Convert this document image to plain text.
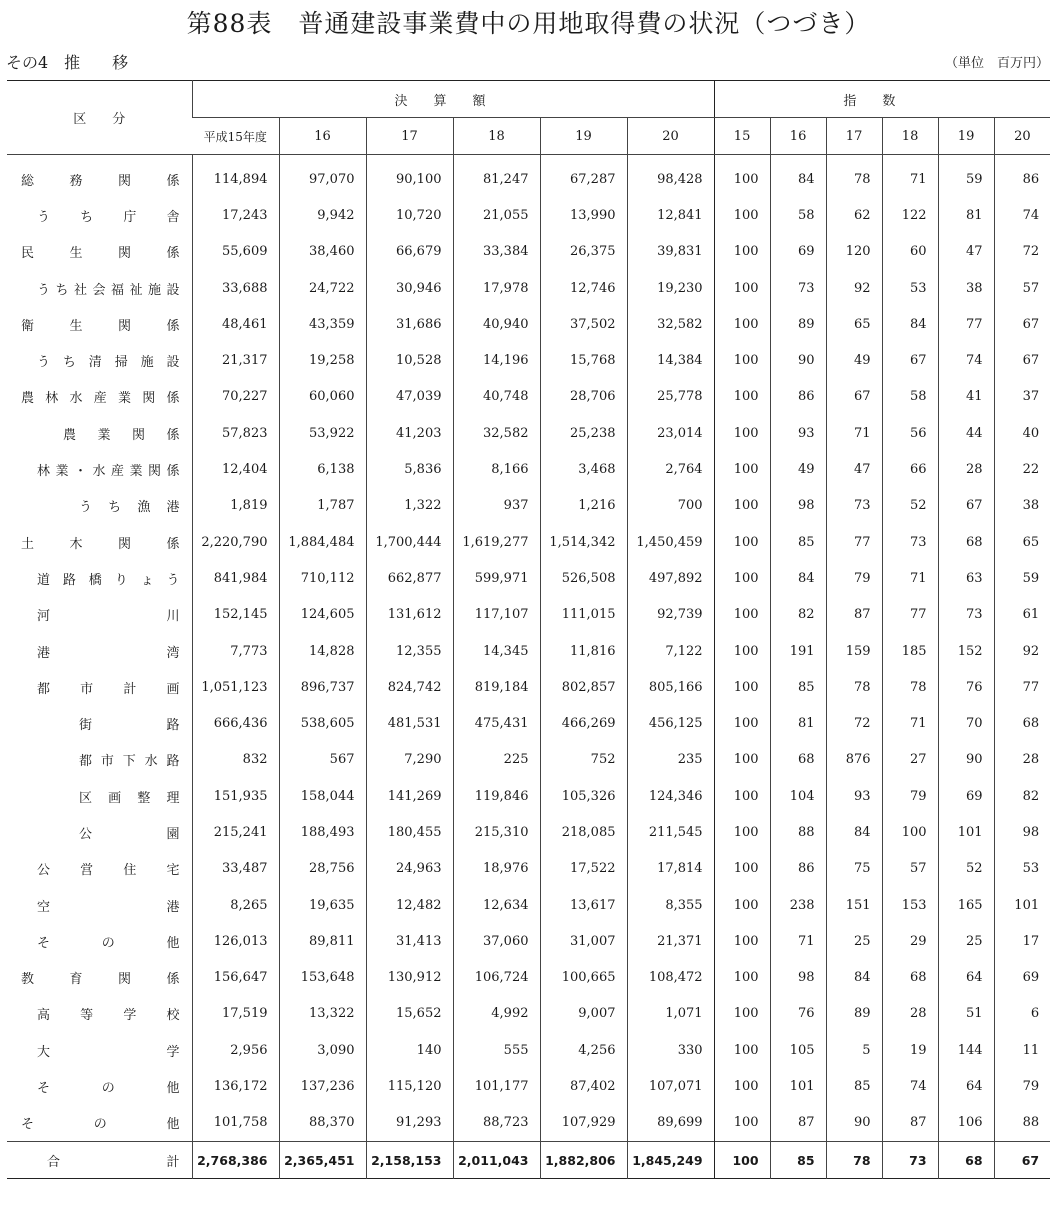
第88表　普通建設事業費中の用地取得費の状況（つづき）
その4　推　　移	（単位　百万円）
区　　分	決算額						指数					
	平成15年度	16	17	18	19	20	15	16	17	18	19	20
総務関係	114,894	97,070	90,100	81,247	67,287	98,428	100	84	78	71	59	86
うち庁舎	17,243	9,942	10,720	21,055	13,990	12,841	100	58	62	122	81	74
民生関係	55,609	38,460	66,679	33,384	26,375	39,831	100	69	120	60	47	72
うち社会福祉施設	33,688	24,722	30,946	17,978	12,746	19,230	100	73	92	53	38	57
衛生関係	48,461	43,359	31,686	40,940	37,502	32,582	100	89	65	84	77	67
うち清掃施設	21,317	19,258	10,528	14,196	15,768	14,384	100	90	49	67	74	67
農林水産業関係	70,227	60,060	47,039	40,748	28,706	25,778	100	86	67	58	41	37
農業関係	57,823	53,922	41,203	32,582	25,238	23,014	100	93	71	56	44	40
林業・水産業関係	12,404	6,138	5,836	8,166	3,468	2,764	100	49	47	66	28	22
うち漁港	1,819	1,787	1,322	937	1,216	700	100	98	73	52	67	38
土木関係	2,220,790	1,884,484	1,700,444	1,619,277	1,514,342	1,450,459	100	85	77	73	68	65
道路橋りょう	841,984	710,112	662,877	599,971	526,508	497,892	100	84	79	71	63	59
河川	152,145	124,605	131,612	117,107	111,015	92,739	100	82	87	77	73	61
港湾	7,773	14,828	12,355	14,345	11,816	7,122	100	191	159	185	152	92
都市計画	1,051,123	896,737	824,742	819,184	802,857	805,166	100	85	78	78	76	77
街路	666,436	538,605	481,531	475,431	466,269	456,125	100	81	72	71	70	68
都市下水路	832	567	7,290	225	752	235	100	68	876	27	90	28
区画整理	151,935	158,044	141,269	119,846	105,326	124,346	100	104	93	79	69	82
公園	215,241	188,493	180,455	215,310	218,085	211,545	100	88	84	100	101	98
公営住宅	33,487	28,756	24,963	18,976	17,522	17,814	100	86	75	57	52	53
空港	8,265	19,635	12,482	12,634	13,617	8,355	100	238	151	153	165	101
その他	126,013	89,811	31,413	37,060	31,007	21,371	100	71	25	29	25	17
教育関係	156,647	153,648	130,912	106,724	100,665	108,472	100	98	84	68	64	69
高等学校	17,519	13,322	15,652	4,992	9,007	1,071	100	76	89	28	51	6
大学	2,956	3,090	140	555	4,256	330	100	105	5	19	144	11
その他	136,172	137,236	115,120	101,177	87,402	107,071	100	101	85	74	64	79
その他	101,758	88,370	91,293	88,723	107,929	89,699	100	87	90	87	106	88
合計	2,768,386	2,365,451	2,158,153	2,011,043	1,882,806	1,845,249	100	85	78	73	68	67
